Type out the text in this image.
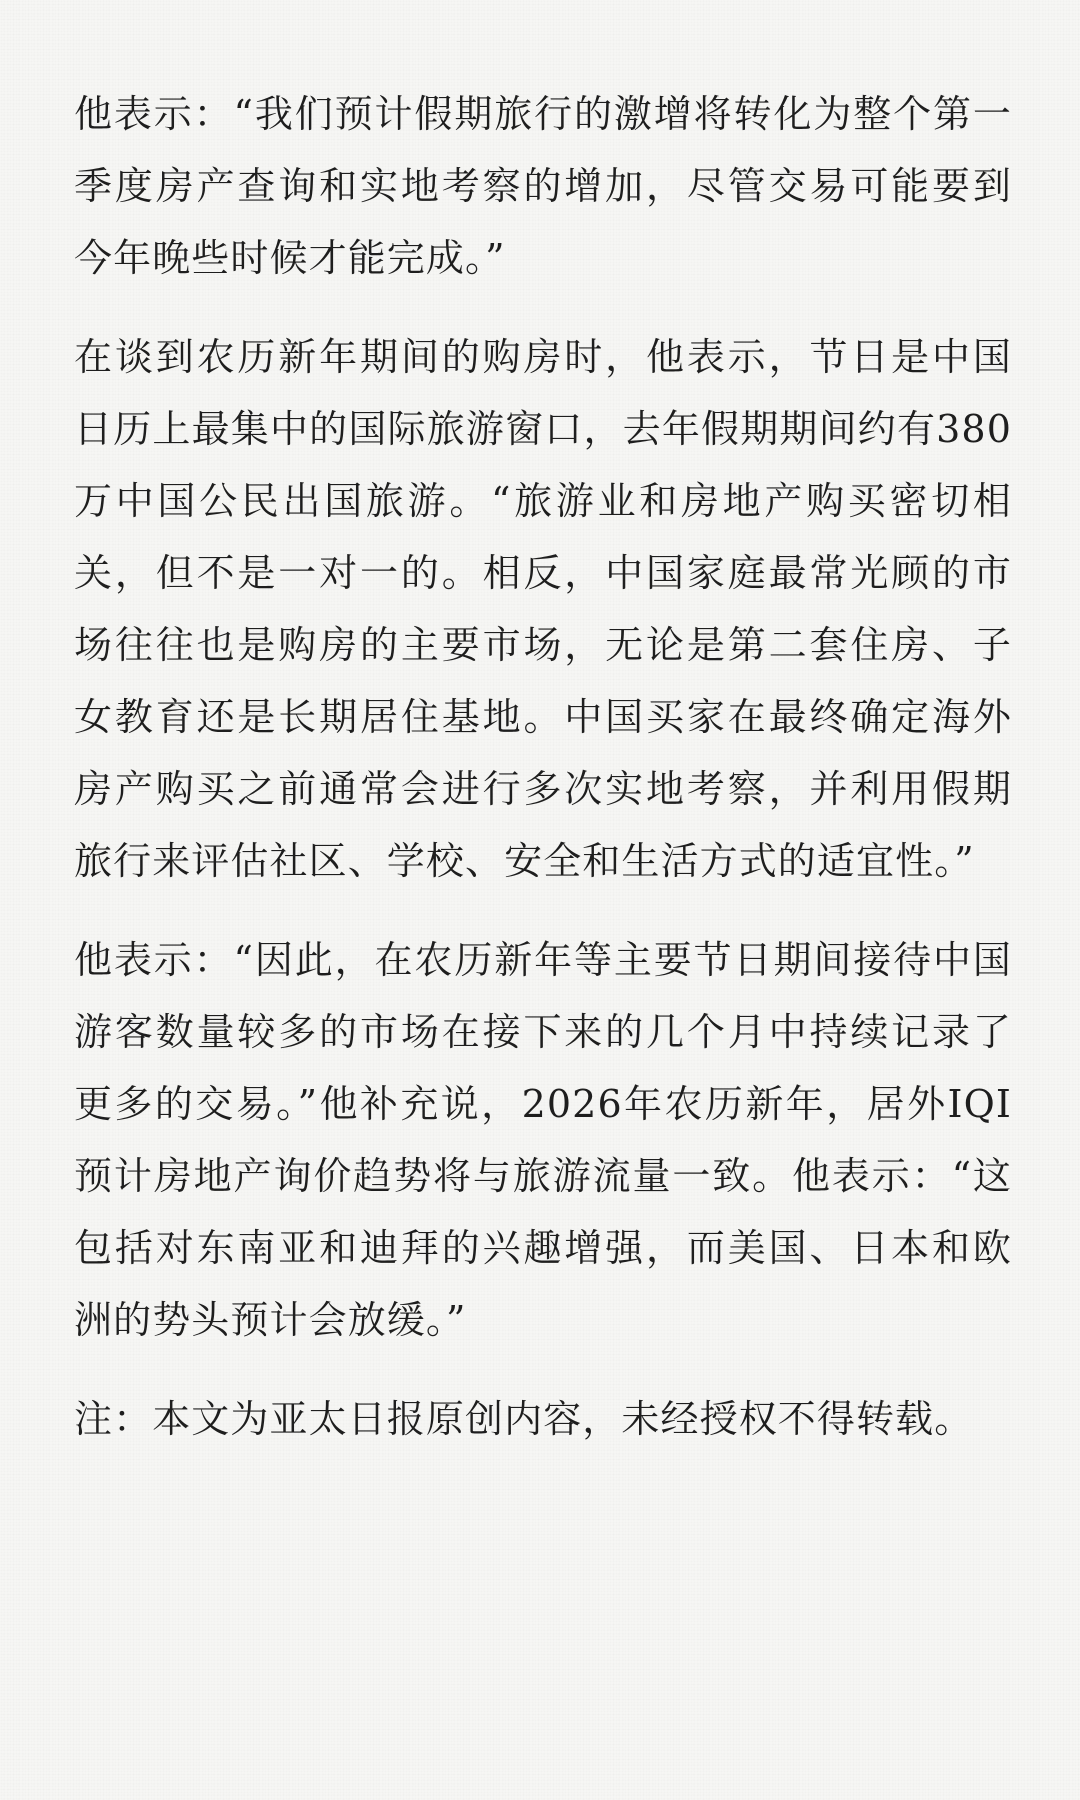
他表示：“我们预计假期旅行的激增将转化为整个第一季度房产查询和实地考察的增加，尽管交易可能要到今年晚些时候才能完成。”

在谈到农历新年期间的购房时，他表示，节日是中国日历上最集中的国际旅游窗口，去年假期期间约有380万中国公民出国旅游。“旅游业和房地产购买密切相关，但不是一对一的。相反，中国家庭最常光顾的市场往往也是购房的主要市场，无论是第二套住房、子女教育还是长期居住基地。中国买家在最终确定海外房产购买之前通常会进行多次实地考察，并利用假期旅行来评估社区、学校、安全和生活方式的适宜性。”

他表示：“因此，在农历新年等主要节日期间接待中国游客数量较多的市场在接下来的几个月中持续记录了更多的交易。”他补充说，2026年农历新年，居外IQI预计房地产询价趋势将与旅游流量一致。他表示：“这包括对东南亚和迪拜的兴趣增强，而美国、日本和欧洲的势头预计会放缓。”

注：本文为亚太日报原创内容，未经授权不得转载。
